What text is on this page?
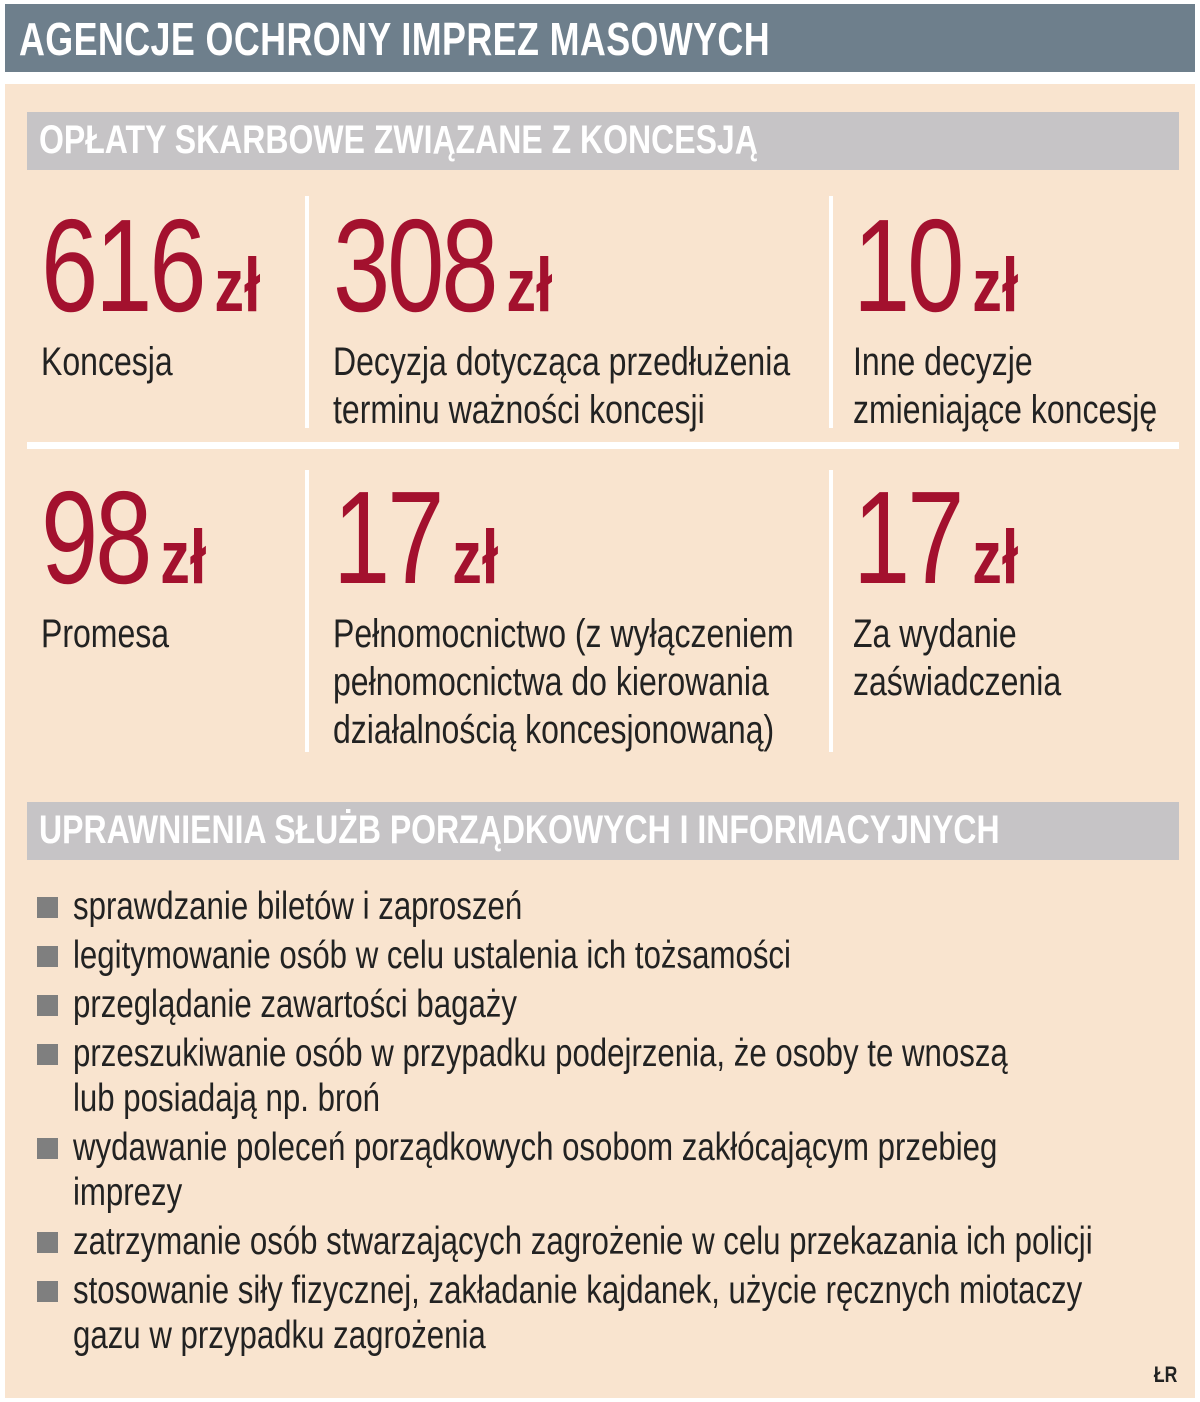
AGENCJE OCHRONY IMPREZ MASOWYCH
OPŁATY SKARBOWE ZWIĄZANE Z KONCESJĄ
616 zł
Koncesja
308 zł
Decyzja dotycząca przedłużenia
terminu ważności koncesji
10 zł
Inne decyzje
zmieniające koncesję
98 zł
Promesa
17 zł
Pełnomocnictwo (z wyłączeniem
pełnomocnictwa do kierowania
działalnością koncesjonowaną)
17 zł
Za wydanie
zaświadczenia
UPRAWNIENIA SŁUŻB PORZĄDKOWYCH I INFORMACYJNYCH
sprawdzanie biletów i zaproszeń
legitymowanie osób w celu ustalenia ich tożsamości
przeglądanie zawartości bagaży
przeszukiwanie osób w przypadku podejrzenia, że osoby te wnoszą
lub posiadają np. broń
wydawanie poleceń porządkowych osobom zakłócającym przebieg
imprezy
zatrzymanie osób stwarzających zagrożenie w celu przekazania ich policji
stosowanie siły fizycznej, zakładanie kajdanek, użycie ręcznych miotaczy
gazu w przypadku zagrożenia
ŁR
